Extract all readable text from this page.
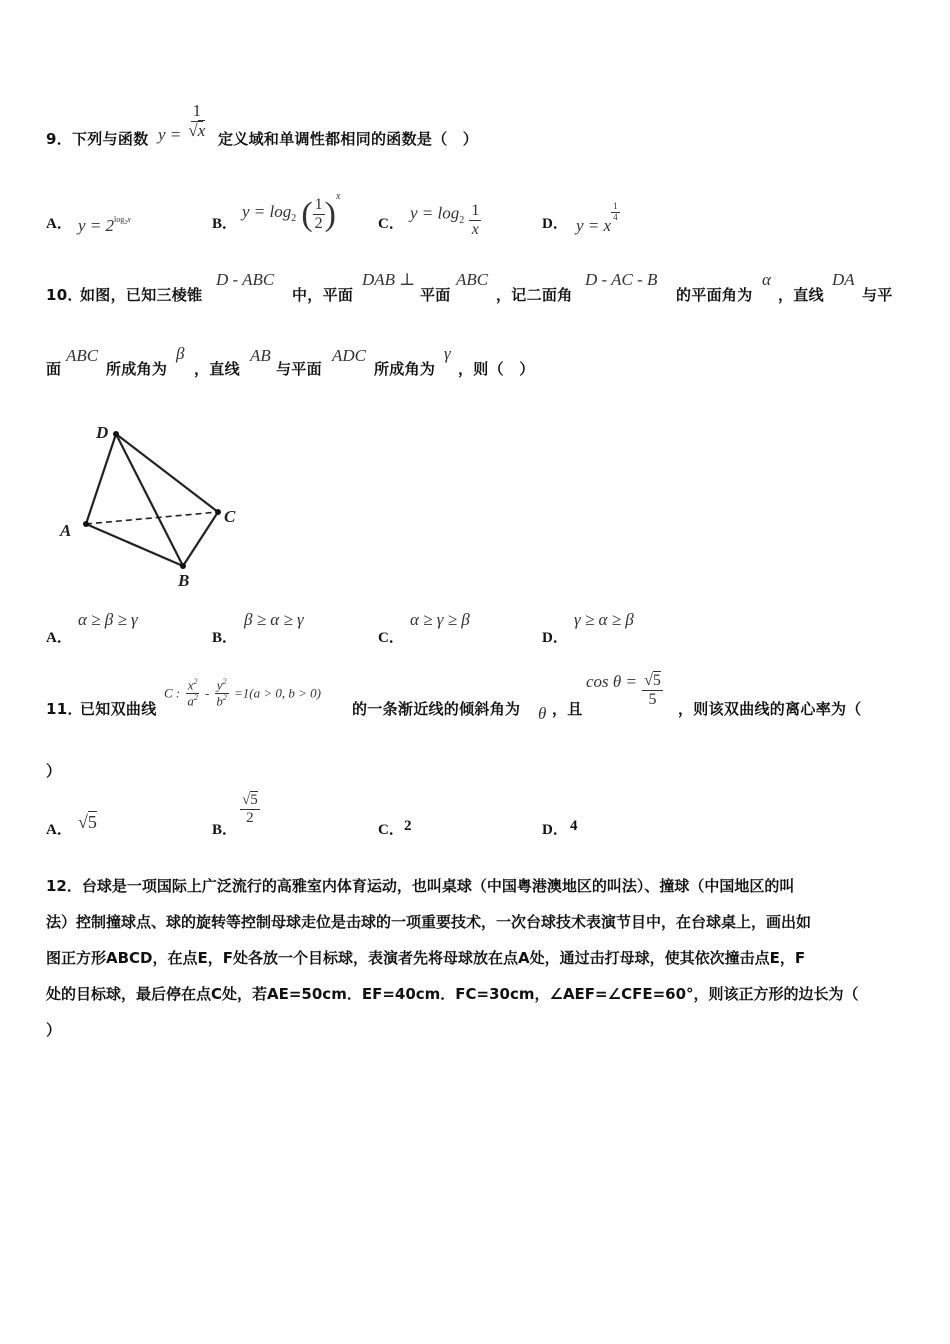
9． 下列与函数 $y = \frac{1}{√x}$ 定义域和单调性都相同的函数是（　）
A． $y = 2^{log2x}$	B．
y = log2 ( $\frac{1}{2} )^x$
C．
$y = \log_2 \frac{1}{x}$	D． y = x
$\frac{1}{4}$
10．
如图，已知三棱锥
D - ABC
中，平面
DAB ⊥
平面
ABC
，记二面角
D - AC - B
的平面角为
α
，直线
DA
与平
面
ABC
所成角为
β
，直线
AB
与平面
ADC
所成角为
γ
，则（　）
D
A
B
C
A．
α ≥ β ≥ γ
B．
β ≥ α ≥ γ
C．
α ≥ γ ≥ β
D．
γ ≥ α ≥ β
11．
已知双曲线
C : $\frac{x^2}{a^2} - \frac{y^2}{b^2} =1(a > 0$, b > 0)
的一条渐近线的倾斜角为 θ ，且
$\cos \theta = \frac{√5}{5}$
，则该双曲线的离心率为（
）
A． √5	B．
$\frac{√5}{2}$
C． 2	D． 4
12．台球是一项国际上广泛流行的高雅室内体育运动，也叫桌球（中国粤港澳地区的叫法）、撞球（中国地区的叫
法）控制撞球点、球的旋转等控制母球走位是击球的一项重要技术，一次台球技术表演节目中，在台球桌上，画出如
图正方形ABCD，在点E，F处各放一个目标球，表演者先将母球放在点A处，通过击打母球，使其依次撞击点E，F
处的目标球，最后停在点C处，若AE=50cm．EF=40cm．FC=30cm，∠AEF=∠CFE=60°，则该正方形的边长为（
）
